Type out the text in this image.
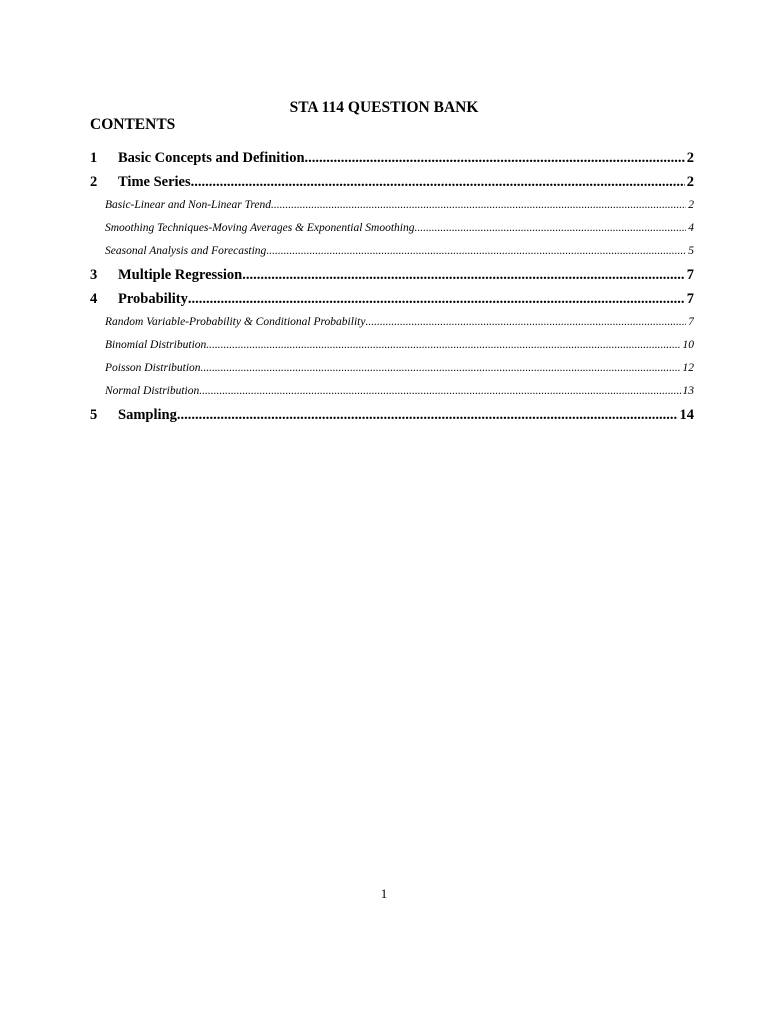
STA 114 QUESTION BANK
CONTENTS
1	Basic Concepts and Definition .....	2
2	Time Series .....	2
Basic-Linear and Non-Linear Trend .....	2
Smoothing Techniques-Moving Averages & Exponential Smoothing .....	4
Seasonal Analysis and Forecasting .....	5
3	Multiple Regression .....	7
4	Probability .....	7
Random Variable-Probability & Conditional Probability .....	7
Binomial Distribution .....	10
Poisson Distribution .....	12
Normal Distribution .....	13
5	Sampling .....	14
1
